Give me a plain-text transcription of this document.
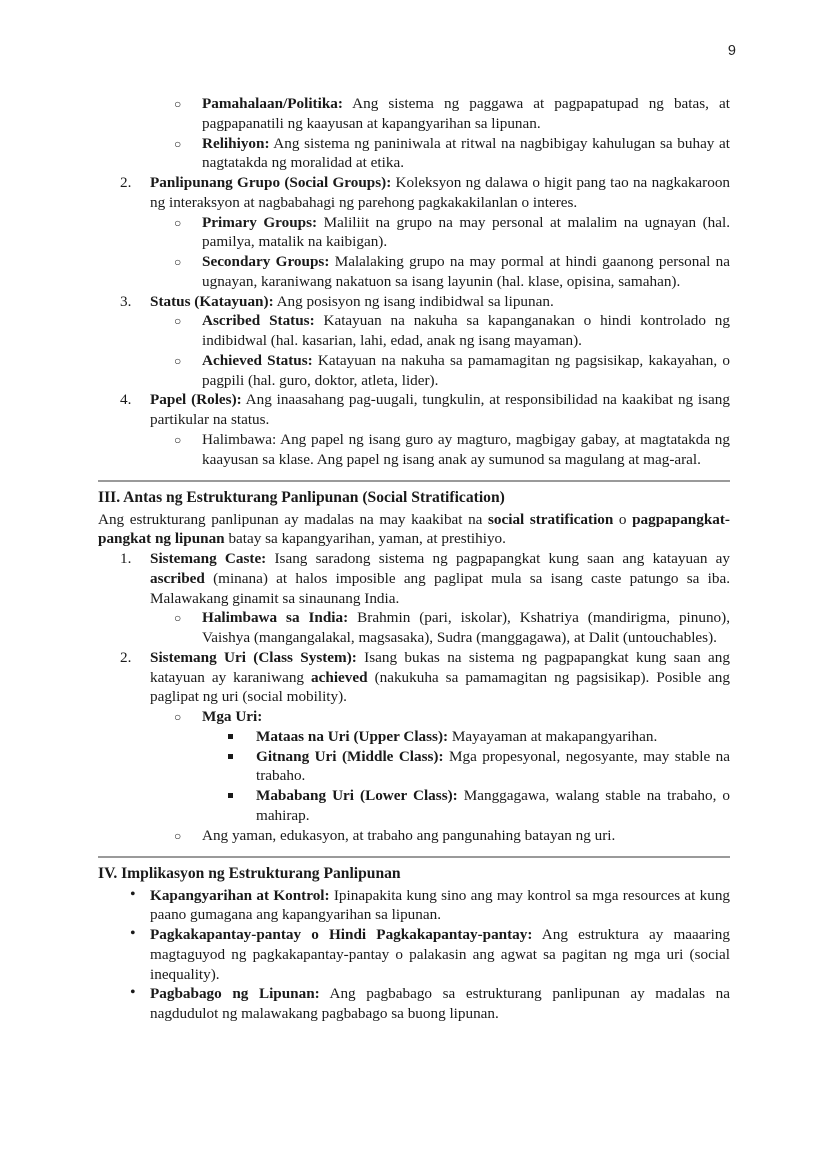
9
○ Pamahalaan/Politika: Ang sistema ng paggawa at pagpapatupad ng batas, at pagpapanatili ng kaayusan at kapangyarihan sa lipunan.
○ Relihiyon: Ang sistema ng paniniwala at ritwal na nagbibigay kahulugan sa buhay at nagtatakda ng moralidad at etika.
2.	Panlipunang Grupo (Social Groups): Koleksyon ng dalawa o higit pang tao na nagkakaroon ng interaksyon at nagbabahagi ng parehong pagkakakilanlan o interes.
○ Primary Groups: Maliliit na grupo na may personal at malalim na ugnayan (hal. pamilya, matalik na kaibigan).
○ Secondary Groups: Malalaking grupo na may pormal at hindi gaanong personal na ugnayan, karaniwang nakatuon sa isang layunin (hal. klase, opisina, samahan).
3.	Status (Katayuan): Ang posisyon ng isang indibidwal sa lipunan.
○ Ascribed Status: Katayuan na nakuha sa kapanganakan o hindi kontrolado ng indibidwal (hal. kasarian, lahi, edad, anak ng isang mayaman).
○ Achieved Status: Katayuan na nakuha sa pamamagitan ng pagsisikap, kakayahan, o pagpili (hal. guro, doktor, atleta, lider).
4.	Papel (Roles): Ang inaasahang pag-uugali, tungkulin, at responsibilidad na kaakibat ng isang partikular na status.
○ Halimbawa: Ang papel ng isang guro ay magturo, magbigay gabay, at magtatakda ng kaayusan sa klase. Ang papel ng isang anak ay sumunod sa magulang at mag-aral.
III. Antas ng Estrukturang Panlipunan (Social Stratification)

Ang estrukturang panlipunan ay madalas na may kaakibat na social stratification o pagpapangkat-pangkat ng lipunan batay sa kapangyarihan, yaman, at prestihiyo.

1.	Sistemang Caste: Isang saradong sistema ng pagpapangkat kung saan ang katayuan ay ascribed (minana) at halos imposible ang paglipat mula sa isang caste patungo sa iba. Malawakang ginamit sa sinaunang India.
○ Halimbawa sa India: Brahmin (pari, iskolar), Kshatriya (mandirigma, pinuno), Vaishya (mangangalakal, magsasaka), Sudra (manggagawa), at Dalit (untouchables).
2.	Sistemang Uri (Class System): Isang bukas na sistema ng pagpapangkat kung saan ang katayuan ay karaniwang achieved (nakukuha sa pamamagitan ng pagsisikap). Posible ang paglipat ng uri (social mobility).
○ Mga Uri:
Mataas na Uri (Upper Class): Mayayaman at makapangyarihan.
Gitnang Uri (Middle Class): Mga propesyonal, negosyante, may stable na trabaho.
Mababang Uri (Lower Class): Manggagawa, walang stable na trabaho, o mahirap.
○ Ang yaman, edukasyon, at trabaho ang pangunahing batayan ng uri.
IV. Implikasyon ng Estrukturang Panlipunan
• Kapangyarihan at Kontrol: Ipinapakita kung sino ang may kontrol sa mga resources at kung paano gumagana ang kapangyarihan sa lipunan.
• Pagkakapantay-pantay o Hindi Pagkakapantay-pantay: Ang estruktura ay maaaring magtaguyod ng pagkakapantay-pantay o palakasin ang agwat sa pagitan ng mga uri (social inequality).
• Pagbabago ng Lipunan: Ang pagbabago sa estrukturang panlipunan ay madalas na nagdudulot ng malawakang pagbabago sa buong lipunan.
